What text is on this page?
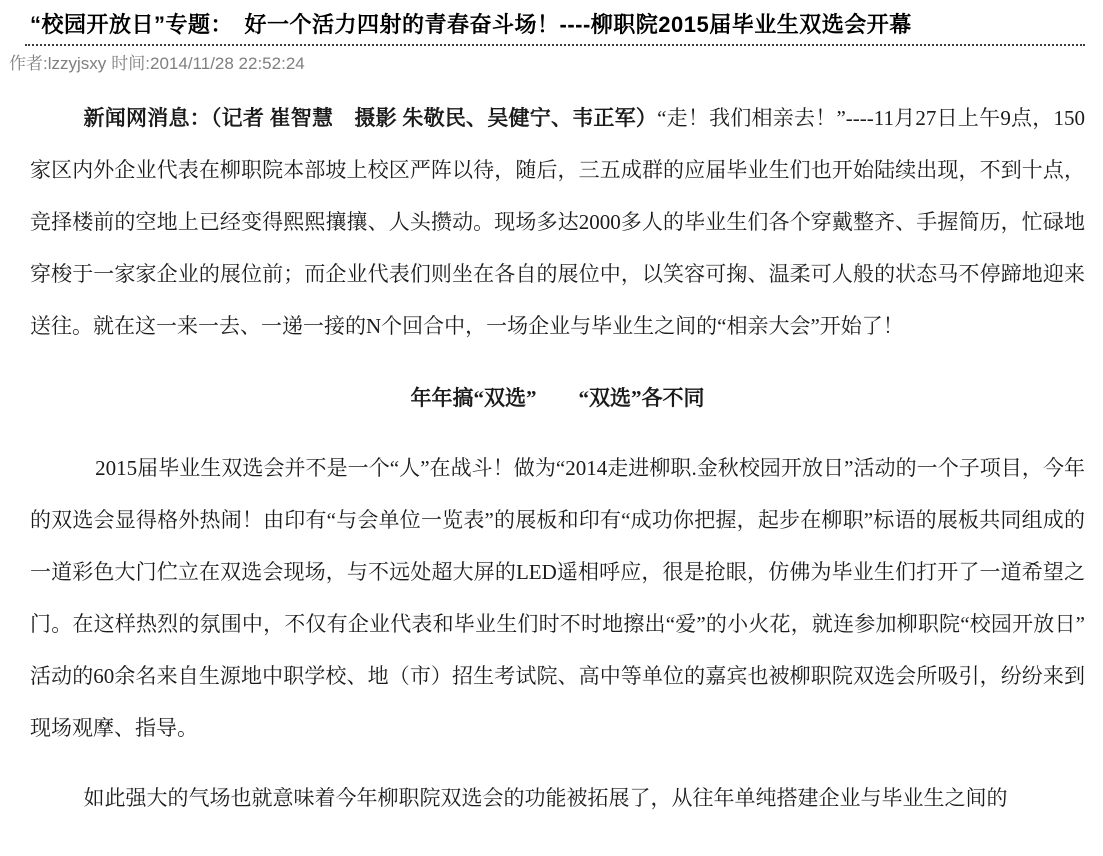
“校园开放日”专题：　好一个活力四射的青春奋斗场！----柳职院2015届毕业生双选会开幕
作者:lzzyjsxy 时间:2014/11/28 22:52:24

新闻网消息：（记者 崔智慧　摄影 朱敬民、吴健宁、韦正军）“走！我们相亲去！”----11月27日上午9点，150家区内外企业代表在柳职院本部坡上校区严阵以待，随后，三五成群的应届毕业生们也开始陆续出现，不到十点，竞择楼前的空地上已经变得熙熙攘攘、人头攒动。现场多达2000多人的毕业生们各个穿戴整齐、手握简历，忙碌地穿梭于一家家企业的展位前；而企业代表们则坐在各自的展位中，以笑容可掬、温柔可人般的状态马不停蹄地迎来送往。就在这一来一去、一递一接的N个回合中，一场企业与毕业生之间的“相亲大会”开始了！

年年搞“双选”　　“双选”各不同

2015届毕业生双选会并不是一个“人”在战斗！做为“2014走进柳职.金秋校园开放日”活动的一个子项目，今年的双选会显得格外热闹！由印有“与会单位一览表”的展板和印有“成功你把握，起步在柳职”标语的展板共同组成的一道彩色大门伫立在双选会现场，与不远处超大屏的LED遥相呼应，很是抢眼，仿佛为毕业生们打开了一道希望之门。在这样热烈的氛围中，不仅有企业代表和毕业生们时不时地擦出“爱”的小火花，就连参加柳职院“校园开放日”活动的60余名来自生源地中职学校、地（市）招生考试院、高中等单位的嘉宾也被柳职院双选会所吸引，纷纷来到现场观摩、指导。

如此强大的气场也就意味着今年柳职院双选会的功能被拓展了，从往年单纯搭建企业与毕业生之间的
